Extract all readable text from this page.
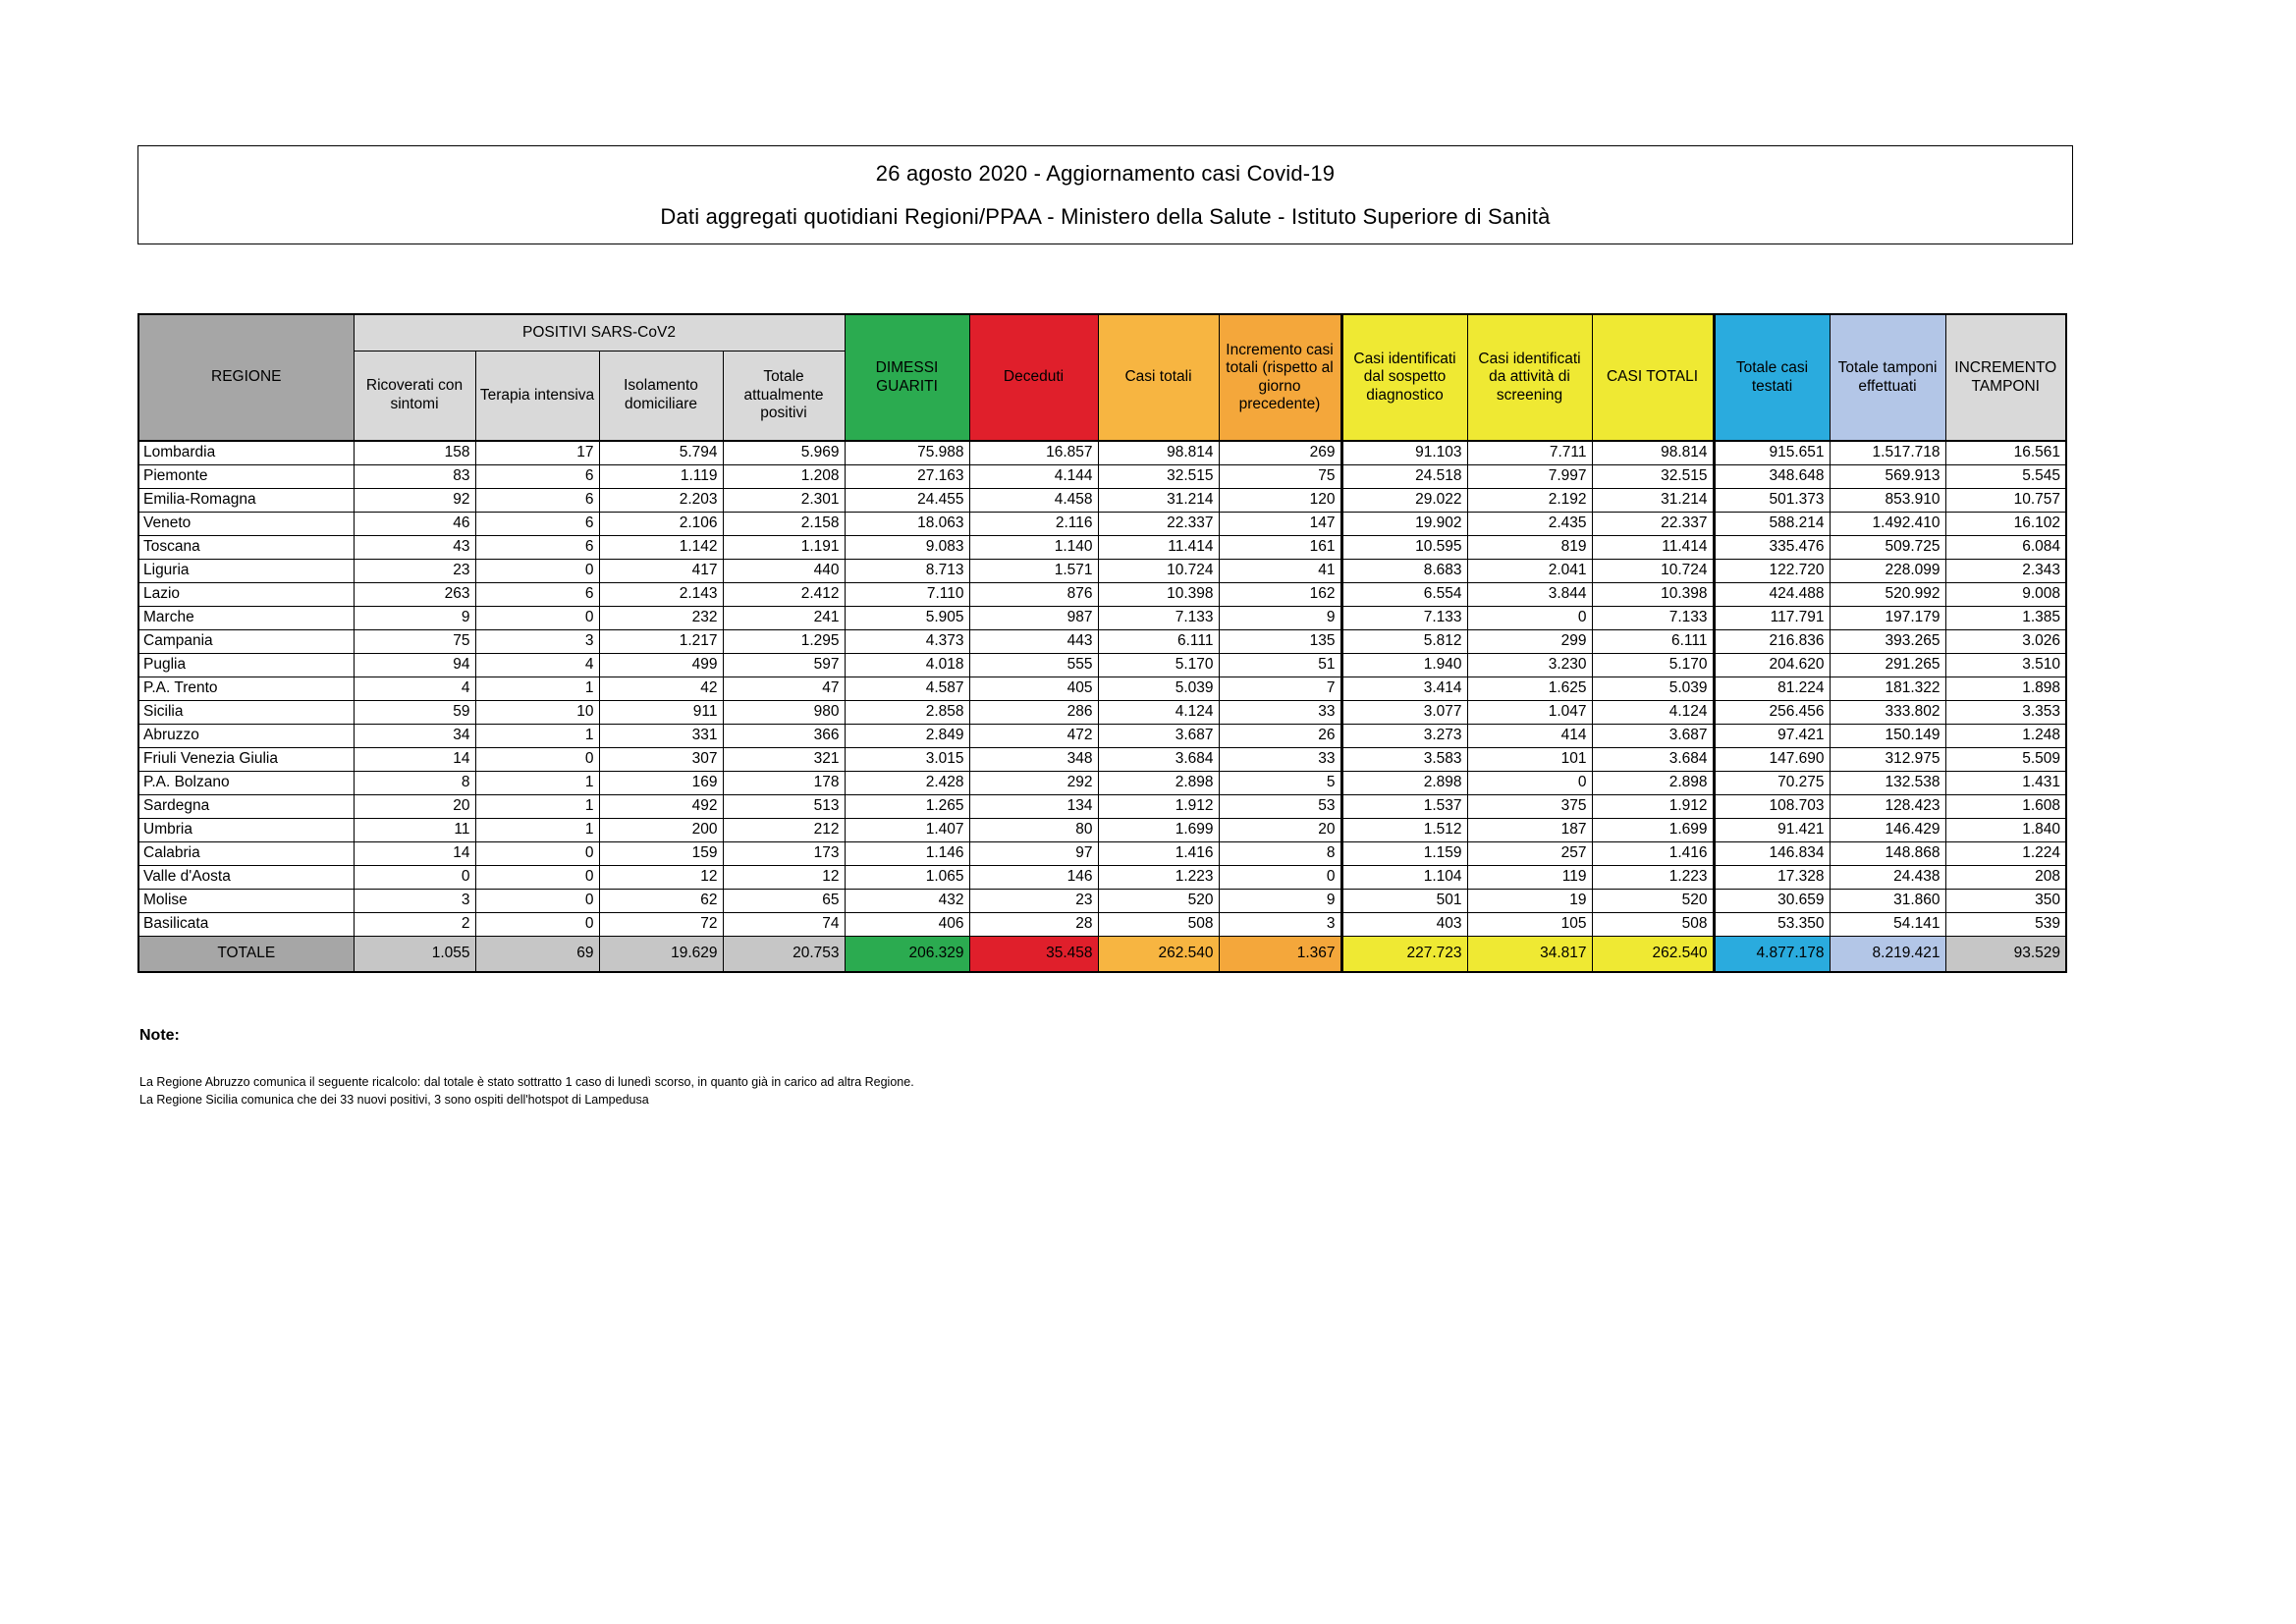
26 agosto 2020 - Aggiornamento casi Covid-19
Dati aggregati quotidiani Regioni/PPAA - Ministero della Salute - Istituto Superiore di Sanità
REGIONE	POSITIVI SARS-CoV2				DIMESSI GUARITI	Deceduti	Casi totali	Incremento casi totali (rispetto al giorno precedente)	Casi identificati dal sospetto diagnostico	Casi identificati da attività di screening	CASI TOTALI	Totale casi testati	Totale tamponi effettuati	INCREMENTO TAMPONI
	Ricoverati con sintomi	Terapia intensiva	Isolamento domiciliare	Totale attualmente positivi										
Lombardia	158	17	5.794	5.969	75.988	16.857	98.814	269	91.103	7.711	98.814	915.651	1.517.718	16.561
Piemonte	83	6	1.119	1.208	27.163	4.144	32.515	75	24.518	7.997	32.515	348.648	569.913	5.545
Emilia-Romagna	92	6	2.203	2.301	24.455	4.458	31.214	120	29.022	2.192	31.214	501.373	853.910	10.757
Veneto	46	6	2.106	2.158	18.063	2.116	22.337	147	19.902	2.435	22.337	588.214	1.492.410	16.102
Toscana	43	6	1.142	1.191	9.083	1.140	11.414	161	10.595	819	11.414	335.476	509.725	6.084
Liguria	23	0	417	440	8.713	1.571	10.724	41	8.683	2.041	10.724	122.720	228.099	2.343
Lazio	263	6	2.143	2.412	7.110	876	10.398	162	6.554	3.844	10.398	424.488	520.992	9.008
Marche	9	0	232	241	5.905	987	7.133	9	7.133	0	7.133	117.791	197.179	1.385
Campania	75	3	1.217	1.295	4.373	443	6.111	135	5.812	299	6.111	216.836	393.265	3.026
Puglia	94	4	499	597	4.018	555	5.170	51	1.940	3.230	5.170	204.620	291.265	3.510
P.A. Trento	4	1	42	47	4.587	405	5.039	7	3.414	1.625	5.039	81.224	181.322	1.898
Sicilia	59	10	911	980	2.858	286	4.124	33	3.077	1.047	4.124	256.456	333.802	3.353
Abruzzo	34	1	331	366	2.849	472	3.687	26	3.273	414	3.687	97.421	150.149	1.248
Friuli Venezia Giulia	14	0	307	321	3.015	348	3.684	33	3.583	101	3.684	147.690	312.975	5.509
P.A. Bolzano	8	1	169	178	2.428	292	2.898	5	2.898	0	2.898	70.275	132.538	1.431
Sardegna	20	1	492	513	1.265	134	1.912	53	1.537	375	1.912	108.703	128.423	1.608
Umbria	11	1	200	212	1.407	80	1.699	20	1.512	187	1.699	91.421	146.429	1.840
Calabria	14	0	159	173	1.146	97	1.416	8	1.159	257	1.416	146.834	148.868	1.224
Valle d'Aosta	0	0	12	12	1.065	146	1.223	0	1.104	119	1.223	17.328	24.438	208
Molise	3	0	62	65	432	23	520	9	501	19	520	30.659	31.860	350
Basilicata	2	0	72	74	406	28	508	3	403	105	508	53.350	54.141	539
TOTALE	1.055	69	19.629	20.753	206.329	35.458	262.540	1.367	227.723	34.817	262.540	4.877.178	8.219.421	93.529
Note:
La Regione Abruzzo comunica il seguente ricalcolo: dal totale è stato sottratto 1 caso di lunedì scorso, in quanto già in carico ad altra Regione.
La Regione Sicilia comunica che dei 33 nuovi positivi, 3 sono ospiti dell'hotspot di Lampedusa
